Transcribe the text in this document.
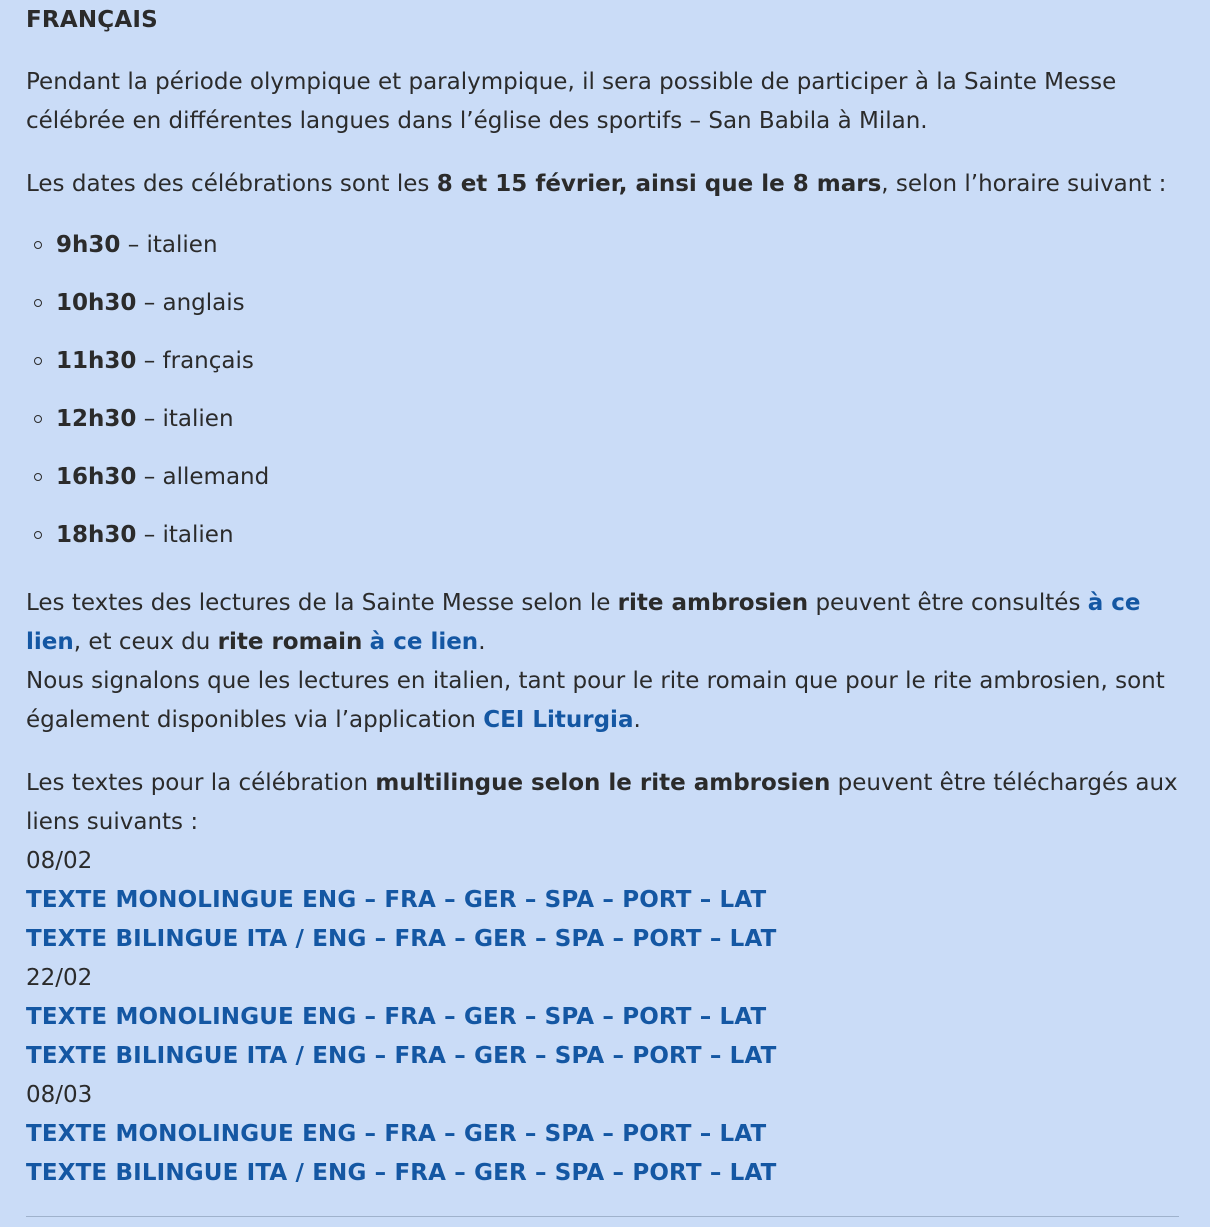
FRANÇAIS

Pendant la période olympique et paralympique, il sera possible de participer à la Sainte Messe célébrée en différentes langues dans l’église des sportifs – San Babila à Milan.

Les dates des célébrations sont les 8 et 15 février, ainsi que le 8 mars, selon l’horaire suivant :

9h30 – italien
10h30 – anglais
11h30 – français
12h30 – italien
16h30 – allemand
18h30 – italien

Les textes des lectures de la Sainte Messe selon le rite ambrosien peuvent être consultés à ce lien, et ceux du rite romain à ce lien.
Nous signalons que les lectures en italien, tant pour le rite romain que pour le rite ambrosien, sont également disponibles via l’application CEI Liturgia.

Les textes pour la célébration multilingue selon le rite ambrosien peuvent être téléchargés aux liens suivants :

08/02
TEXTE MONOLINGUE ENG – FRA – GER – SPA – PORT – LAT
TEXTE BILINGUE ITA / ENG – FRA – GER – SPA – PORT – LAT
22/02
TEXTE MONOLINGUE ENG – FRA – GER – SPA – PORT – LAT
TEXTE BILINGUE ITA / ENG – FRA – GER – SPA – PORT – LAT
08/03
TEXTE MONOLINGUE ENG – FRA – GER – SPA – PORT – LAT
TEXTE BILINGUE ITA / ENG – FRA – GER – SPA – PORT – LAT
